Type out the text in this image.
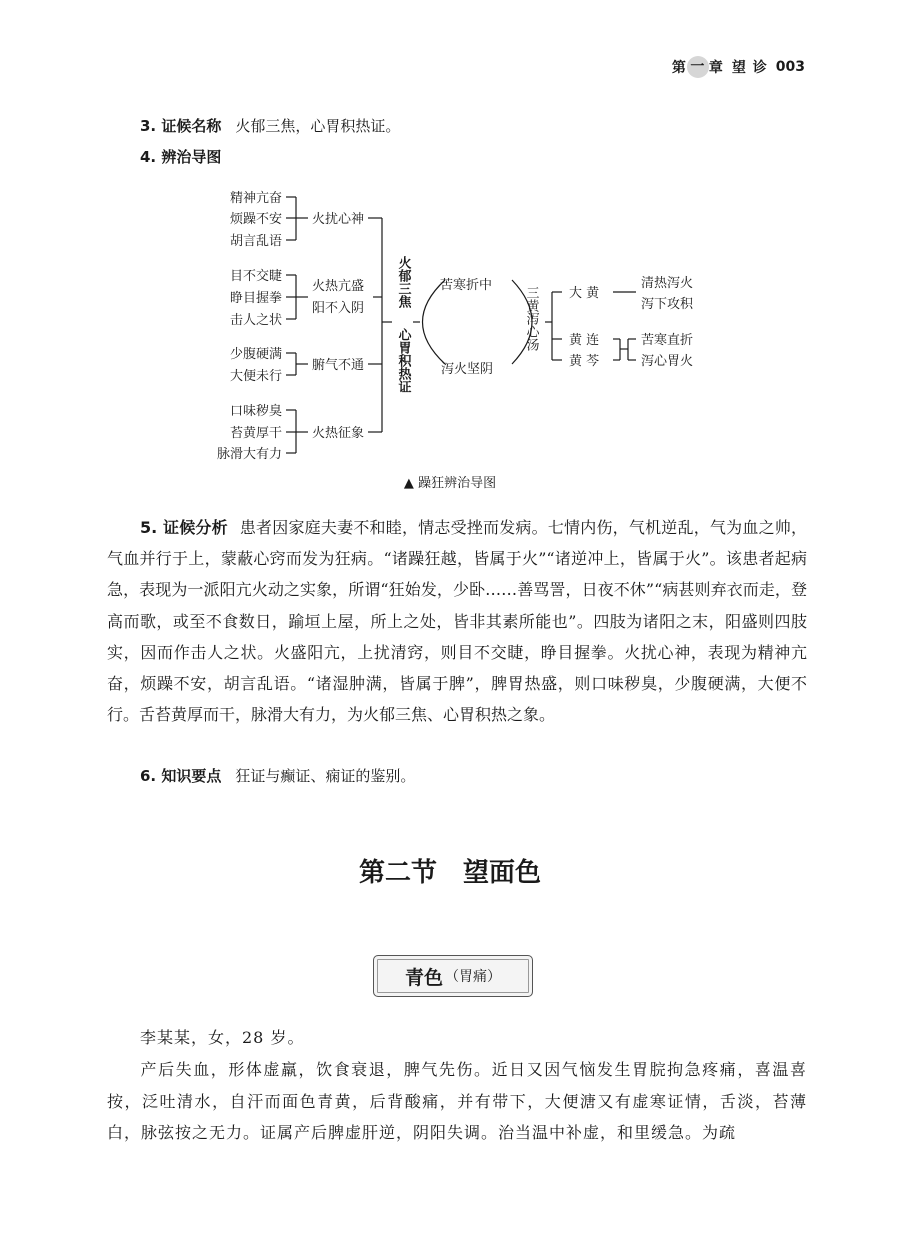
第 一 章 望 诊 003
3. 证候名称 火郁三焦，心胃积热证。
4. 辨治导图
精神亢奋
烦躁不安
胡言乱语
目不交睫
睁目握拳
击人之状
少腹硬满
大便未行
口味秽臭
苔黄厚干
脉滑大有力
火扰心神
火热亢盛
阳不入阴
腑气不通
火热征象
火郁三焦
心胃积热证
苦寒折中
泻火坚阴
三黄泻心汤 大 黄
黄 连
黄 芩
清热泻火
泻下攻积
苦寒直折
泻心胃火
▲ 躁狂辨治导图

5. 证候分析 患者因家庭夫妻不和睦，情志受挫而发病。七情内伤，气机逆乱，气为血之帅，气血并行于上，蒙蔽心窍而发为狂病。“诸躁狂越，皆属于火”“诸逆冲上，皆属于火”。该患者起病急，表现为一派阳亢火动之实象，所谓“狂始发，少卧……善骂詈，日夜不休”“病甚则弃衣而走，登高而歌，或至不食数日，踰垣上屋，所上之处，皆非其素所能也”。四肢为诸阳之末，阳盛则四肢实，因而作击人之状。火盛阳亢，上扰清窍，则目不交睫，睁目握拳。火扰心神，表现为精神亢奋，烦躁不安，胡言乱语。“诸湿肿满，皆属于脾”，脾胃热盛，则口味秽臭，少腹硬满，大便不行。舌苔黄厚而干，脉滑大有力，为火郁三焦、心胃积热之象。

6. 知识要点 狂证与癫证、痫证的鉴别。
第二节　望面色
青色 （胃痛）
李某某，女，28 岁。

产后失血，形体虚羸，饮食衰退，脾气先伤。近日又因气恼发生胃脘拘急疼痛，喜温喜按，泛吐清水，自汗而面色青黄，后背酸痛，并有带下，大便溏又有虚寒证情，舌淡，苔薄白，脉弦按之无力。证属产后脾虚肝逆，阴阳失调。治当温中补虚，和里缓急。为疏
